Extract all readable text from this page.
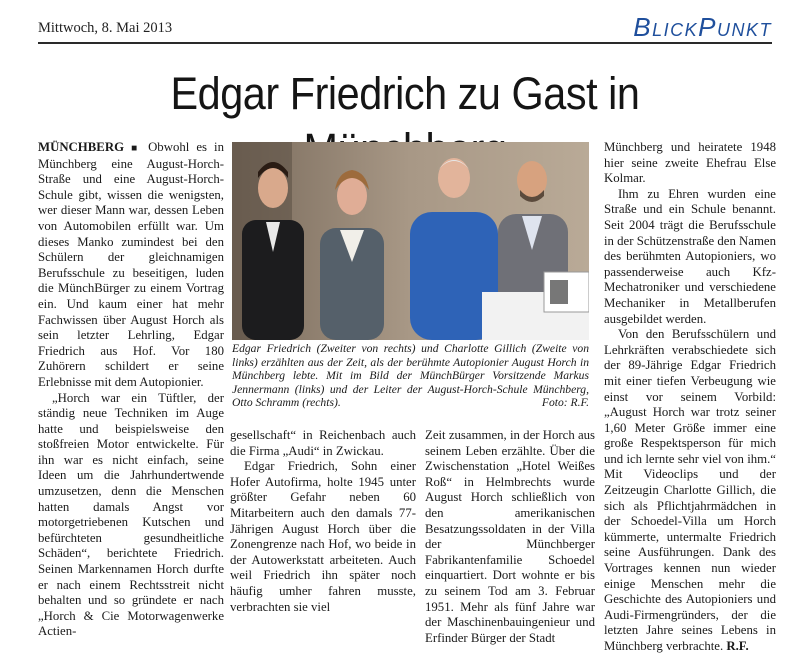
Mittwoch, 8. Mai 2013	BlickPunkt
Edgar Friedrich zu Gast in

MÜNCHBERG ■ Obwohl es in Münchberg eine August-Horch-Straße und eine August-Horch-Schule gibt, wissen die wenigsten, wer dieser Mann war, dessen Leben von Automobilen erfüllt war. Um dieses Manko zumindest bei den Schülern der gleichnamigen Berufsschule zu beseitigen, luden die MünchBürger zu einem Vortrag ein. Und kaum einer hat mehr Fachwissen über August Horch als sein letzter Lehrling, Edgar Friedrich aus Hof. Vor 180 Zuhörern schildert er seine Erlebnisse mit dem Autopionier.

„Horch war ein Tüftler, der ständig neue Techniken im Auge hatte und beispielsweise den stoßfreien Motor entwickelte. Für ihn war es nicht einfach, seine Ideen um die Jahrhundertwende umzusetzen, denn die Menschen hatten damals Angst vor motorgetriebenen Kutschen und befürchteten gesundheitliche Schäden“, berichtete Friedrich. Seinen Markennamen Horch durfte er nach einem Rechtsstreit nicht behalten und so gründete er nach „Horch & Cie Motorwagenwerke Actien-

Edgar Friedrich (Zweiter von rechts) und Charlotte Gillich (Zweite von links) erzählten aus der Zeit, als der berühmte Autopionier August Horch in Münchberg lebte. Mit im Bild der MünchBürger Vorsitzende Markus Jennermann (links) und der Leiter der August-Horch-Schule Münchberg, Otto Schramm (rechts).	Foto: R.F.

gesellschaft“ in Reichenbach auch die Firma „Audi“ in Zwickau.

Edgar Friedrich, Sohn einer Hofer Autofirma, holte 1945 unter größter Gefahr neben 60 Mitarbeitern auch den damals 77-Jährigen August Horch über die Zonengrenze nach Hof, wo beide in der Autowerkstatt arbeiteten. Auch weil Friedrich ihn später noch häufig umher fahren musste, verbrachten sie viel

Zeit zusammen, in der Horch aus seinem Leben erzählte. Über die Zwischenstation „Hotel Weißes Roß“ in Helmbrechts wurde August Horch schließlich von den amerikanischen Besatzungssoldaten in der Villa der Münchberger Fabrikantenfamilie Schoedel einquartiert. Dort wohnte er bis zu seinem Tod am 3. Februar 1951. Mehr als fünf Jahre war der Maschinenbauingenieur und Erfinder Bürger der Stadt

Münchberg und heiratete 1948 hier seine zweite Ehefrau Else Kolmar.

Ihm zu Ehren wurden eine Straße und ein Schule benannt. Seit 2004 trägt die Berufsschule in der Schützenstraße den Namen des berühmten Autopioniers, wo passenderweise auch Kfz-Mechatroniker und verschiedene Mechaniker in Metallberufen ausgebildet werden.

Von den Berufsschülern und Lehrkräften verabschiedete sich der 89-Jährige Edgar Friedrich mit einer tiefen Verbeugung wie einst vor seinem Vorbild: „August Horch war trotz seiner 1,60 Meter Größe immer eine große Respektsperson für mich und ich lernte sehr viel von ihm.“ Mit Videoclips und der Zeitzeugin Charlotte Gillich, die sich als Pflichtjahrmädchen in der Schoedel-Villa um Horch kümmerte, untermalte Friedrich seine Ausführungen. Dank des Vortrages kennen nun wieder einige Menschen mehr die Geschichte des Autopioniers und Audi-Firmengründers, der die letzten Jahre seines Lebens in Münchberg verbrachte. R.F.
